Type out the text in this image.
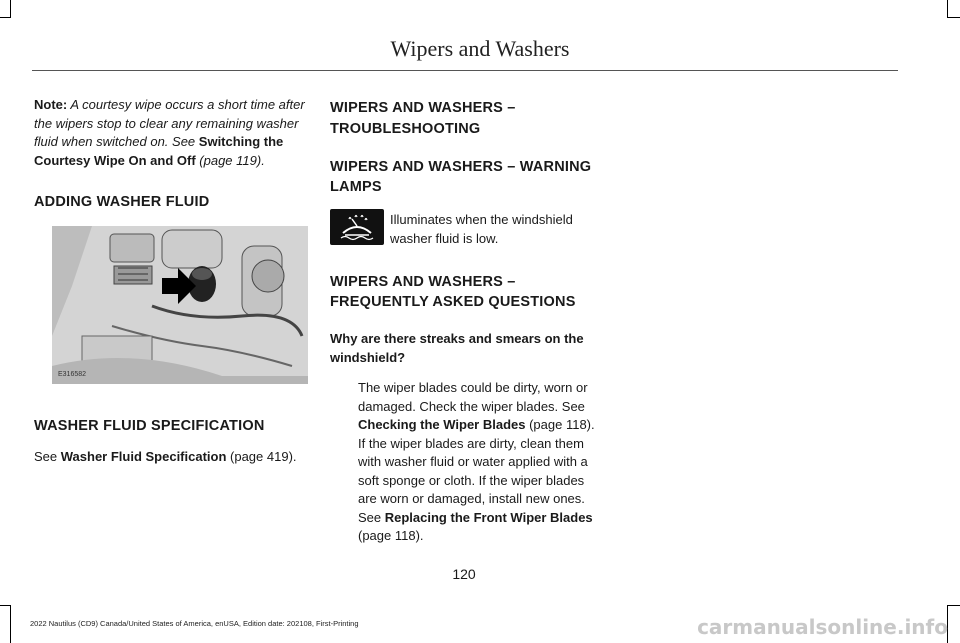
Wipers and Washers

Note: A courtesy wipe occurs a short time after the wipers stop to clear any remaining washer fluid when switched on. See Switching the Courtesy Wipe On and Off (page 119).

ADDING WASHER FLUID
E316582
WASHER FLUID SPECIFICATION

See Washer Fluid Specification (page 419).

WIPERS AND WASHERS –
TROUBLESHOOTING
WIPERS AND WASHERS – WARNING LAMPS
Illuminates when the windshield washer fluid is low.
WIPERS AND WASHERS – FREQUENTLY ASKED QUESTIONS

Why are there streaks and smears on the windshield?

The wiper blades could be dirty, worn or damaged. Check the wiper blades. See Checking the Wiper Blades (page 118). If the wiper blades are dirty, clean them with washer fluid or water applied with a soft sponge or cloth. If the wiper blades are worn or damaged, install new ones. See Replacing the Front Wiper Blades (page 118).

120
2022 Nautilus (CD9) Canada/United States of America, enUSA, Edition date: 202108, First-Printing	carmanualsonline.info
